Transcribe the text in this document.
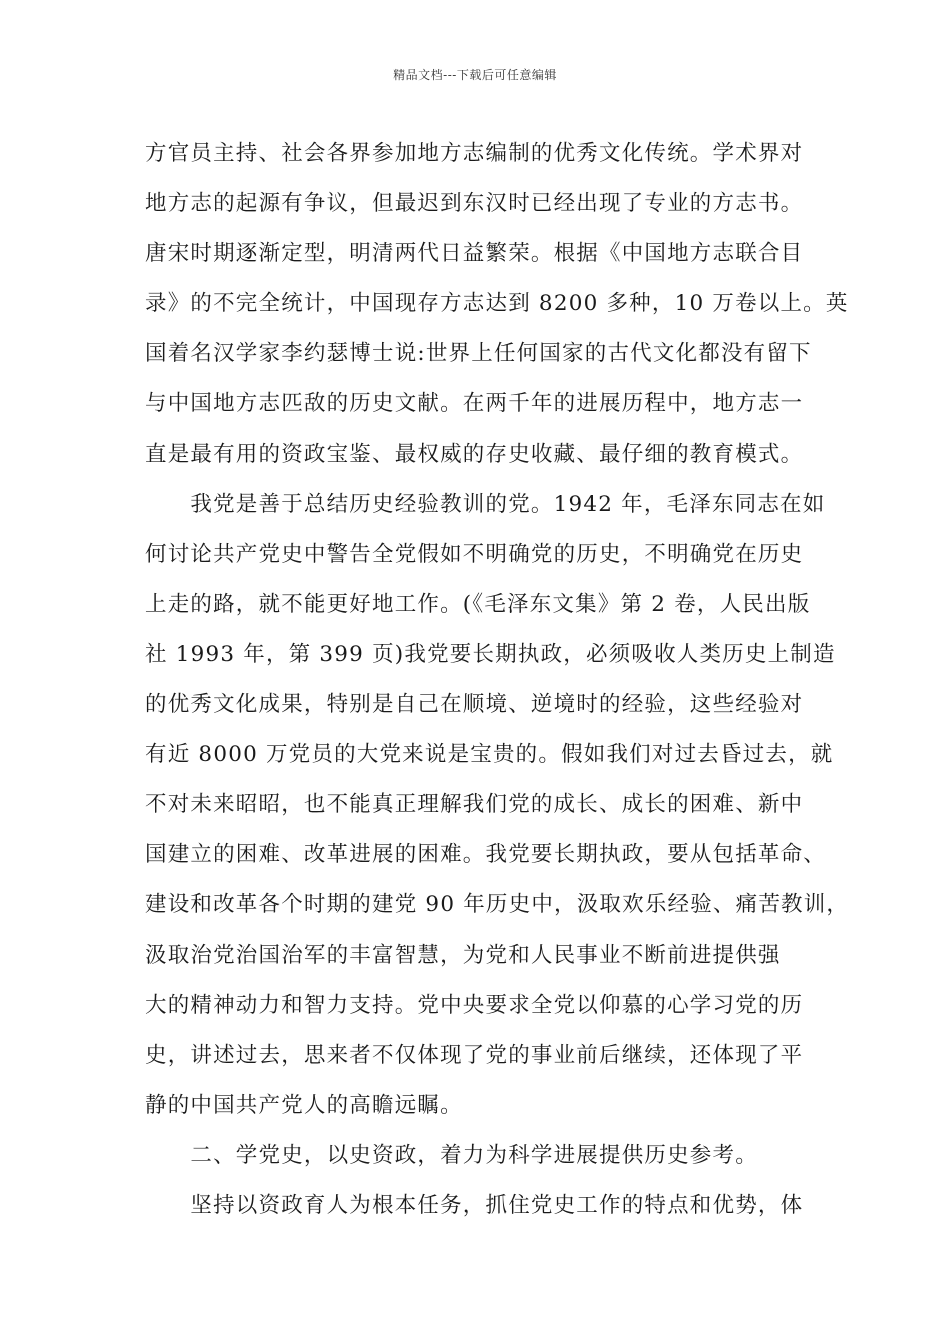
精品文档---下载后可任意编辑
方官员主持、社会各界参加地方志编制的优秀文化传统。学术界对
地方志的起源有争议，但最迟到东汉时已经出现了专业的方志书。
唐宋时期逐渐定型，明清两代日益繁荣。根据《中国地方志联合目
录》的不完全统计，中国现存方志达到 8200 多种，10 万卷以上。英
国着名汉学家李约瑟博士说:世界上任何国家的古代文化都没有留下
与中国地方志匹敌的历史文献。在两千年的进展历程中，地方志一
直是最有用的资政宝鉴、最权威的存史收藏、最仔细的教育模式。
　　我党是善于总结历史经验教训的党。1942 年，毛泽东同志在如
何讨论共产党史中警告全党假如不明确党的历史，不明确党在历史
上走的路，就不能更好地工作。(《毛泽东文集》第 2 卷，人民出版
社 1993 年，第 399 页)我党要长期执政，必须吸收人类历史上制造
的优秀文化成果，特别是自己在顺境、逆境时的经验，这些经验对
有近 8000 万党员的大党来说是宝贵的。假如我们对过去昏过去，就
不对未来昭昭，也不能真正理解我们党的成长、成长的困难、新中
国建立的困难、改革进展的困难。我党要长期执政，要从包括革命、
建设和改革各个时期的建党 90 年历史中，汲取欢乐经验、痛苦教训，
汲取治党治国治军的丰富智慧，为党和人民事业不断前进提供强
大的精神动力和智力支持。党中央要求全党以仰慕的心学习党的历
史，讲述过去，思来者不仅体现了党的事业前后继续，还体现了平
静的中国共产党人的高瞻远瞩。
　　二、学党史，以史资政，着力为科学进展提供历史参考。
　　坚持以资政育人为根本任务，抓住党史工作的特点和优势，体
